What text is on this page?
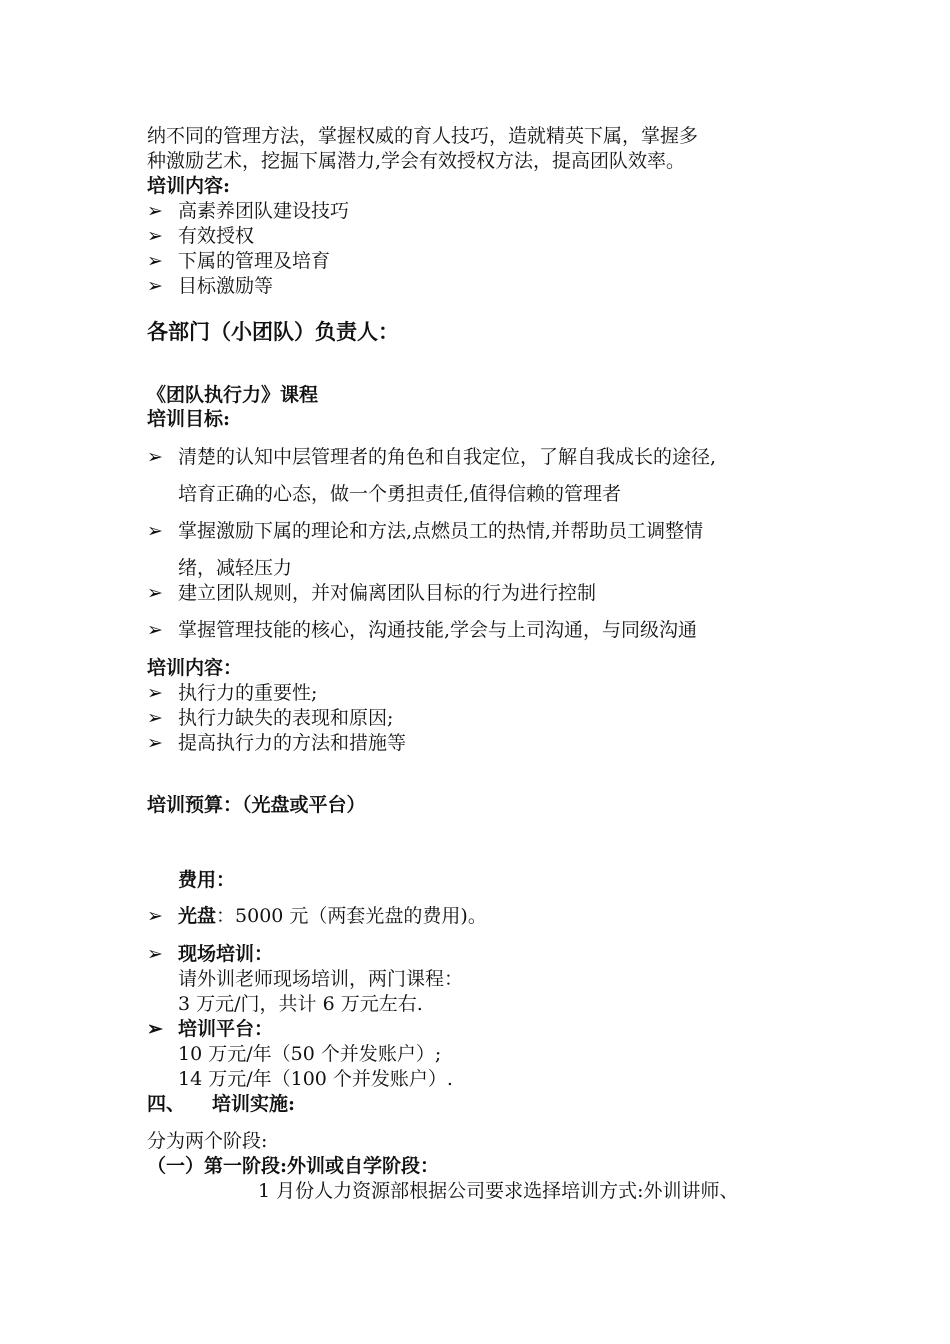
纳不同的管理方法，掌握权威的育人技巧，造就精英下属，掌握多
种激励艺术，挖掘下属潜力,学会有效授权方法，提高团队效率。
培训内容:
➢ 高素养团队建设技巧
➢ 有效授权
➢ 下属的管理及培育
➢ 目标激励等
各部门（小团队）负责人：
《团队执行力》课程
培训目标:
➢ 清楚的认知中层管理者的角色和自我定位，了解自我成长的途径,
培育正确的心态，做一个勇担责任,值得信赖的管理者
➢ 掌握激励下属的理论和方法,点燃员工的热情,并帮助员工调整情
绪，减轻压力
➢ 建立团队规则，并对偏离团队目标的行为进行控制
➢ 掌握管理技能的核心，沟通技能,学会与上司沟通，与同级沟通
培训内容：
➢ 执行力的重要性;
➢ 执行力缺失的表现和原因;
➢ 提高执行力的方法和措施等
培训预算：（光盘或平台）
费用：
➢ 光盘：5000 元（两套光盘的费用)。
➢ 现场培训：
请外训老师现场培训，两门课程：
3 万元/门，共计 6 万元左右.
➢ 培训平台：
10 万元/年（50 个并发账户）;
14 万元/年（100 个并发账户）.
四、 培训实施:
分为两个阶段:
（一）第一阶段:外训或自学阶段：
1 月份人力资源部根据公司要求选择培训方式:外训讲师、
